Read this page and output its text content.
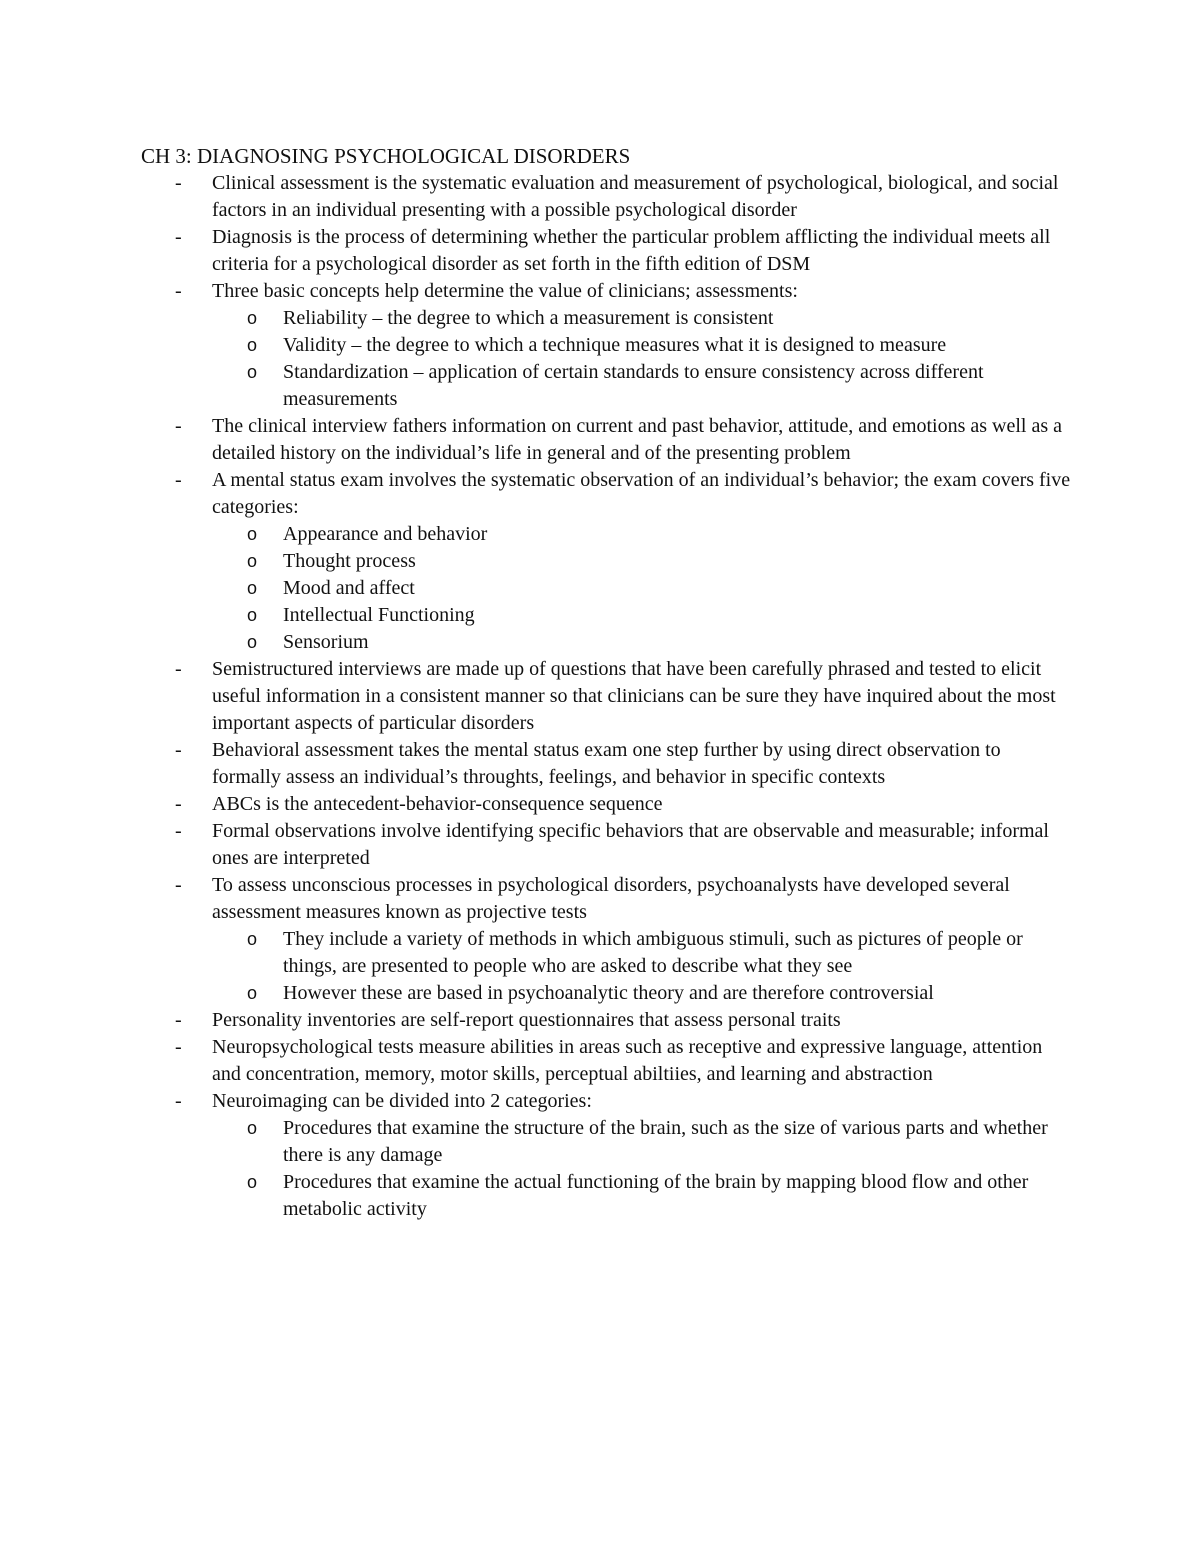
CH 3: DIAGNOSING PSYCHOLOGICAL DISORDERS
- Clinical assessment is the systematic evaluation and measurement of psychological, biological, and social factors in an individual presenting with a possible psychological disorder
- Diagnosis is the process of determining whether the particular problem afflicting the individual meets all criteria for a psychological disorder as set forth in the fifth edition of DSM
- Three basic concepts help determine the value of clinicians; assessments:
o Reliability – the degree to which a measurement is consistent
o Validity – the degree to which a technique measures what it is designed to measure
o Standardization – application of certain standards to ensure consistency across different measurements
- The clinical interview fathers information on current and past behavior, attitude, and emotions as well as a detailed history on the individual’s life in general and of the presenting problem
- A mental status exam involves the systematic observation of an individual’s behavior; the exam covers five categories:
o Appearance and behavior
o Thought process
o Mood and affect
o Intellectual Functioning
o Sensorium
- Semistructured interviews are made up of questions that have been carefully phrased and tested to elicit useful information in a consistent manner so that clinicians can be sure they have inquired about the most important aspects of particular disorders
- Behavioral assessment takes the mental status exam one step further by using direct observation to formally assess an individual’s throughts, feelings, and behavior in specific contexts
- ABCs is the antecedent-behavior-consequence sequence
- Formal observations involve identifying specific behaviors that are observable and measurable; informal ones are interpreted
- To assess unconscious processes in psychological disorders, psychoanalysts have developed several assessment measures known as projective tests
o They include a variety of methods in which ambiguous stimuli, such as pictures of people or things, are presented to people who are asked to describe what they see
o However these are based in psychoanalytic theory and are therefore controversial
- Personality inventories are self-report questionnaires that assess personal traits
- Neuropsychological tests measure abilities in areas such as receptive and expressive language, attention and concentration, memory, motor skills, perceptual abiltiies, and learning and abstraction
- Neuroimaging can be divided into 2 categories:
o Procedures that examine the structure of the brain, such as the size of various parts and whether there is any damage
o Procedures that examine the actual functioning of the brain by mapping blood flow and other metabolic activity
